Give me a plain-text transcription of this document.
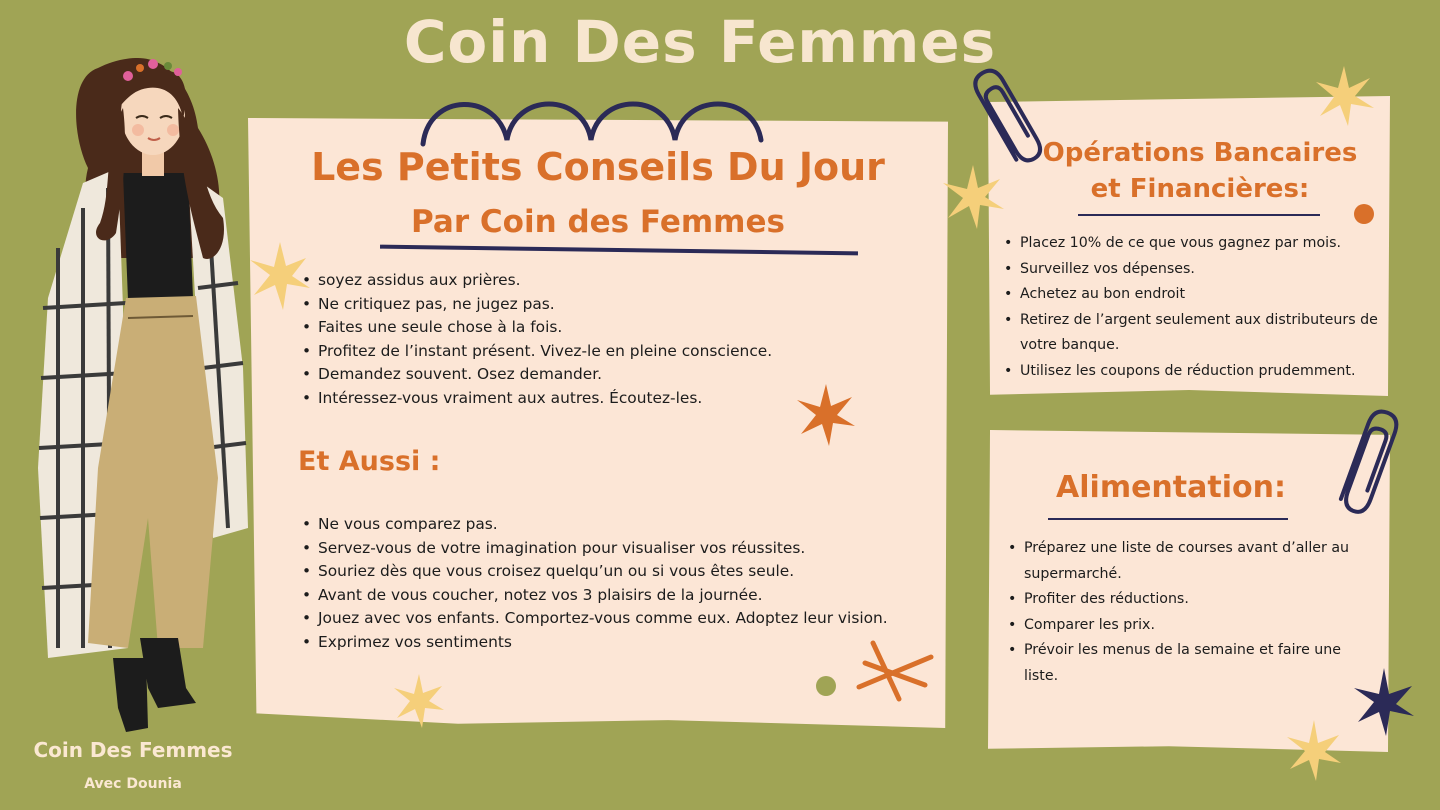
Coin Des Femmes
Les Petits Conseils Du Jour
Par Coin des Femmes
• soyez assidus aux prières.
• Ne critiquez pas, ne jugez pas.
• Faites une seule chose à la fois.
• Profitez de l’instant présent. Vivez-le en pleine conscience.
• Demandez souvent. Osez demander.
• Intéressez-vous vraiment aux autres. Écoutez-les.
Et Aussi :
• Ne vous comparez pas.
• Servez-vous de votre imagination pour visualiser vos réussites.
• Souriez dès que vous croisez quelqu’un ou si vous êtes seule.
• Avant de vous coucher, notez vos 3 plaisirs de la journée.
• Jouez avec vos enfants. Comportez-vous comme eux. Adoptez leur vision.
• Exprimez vos sentiments
Opérations Bancaires
et Financières:
• Placez 10% de ce que vous gagnez par mois.
• Surveillez vos dépenses.
• Achetez au bon endroit
• Retirez de l’argent seulement aux distributeurs de votre banque.
• Utilisez les coupons de réduction prudemment.
Alimentation:
• Préparez une liste de courses avant d’aller au supermarché.
• Profiter des réductions.
• Comparer les prix.
• Prévoir les menus de la semaine et faire une liste.
Coin Des Femmes
Avec Dounia
